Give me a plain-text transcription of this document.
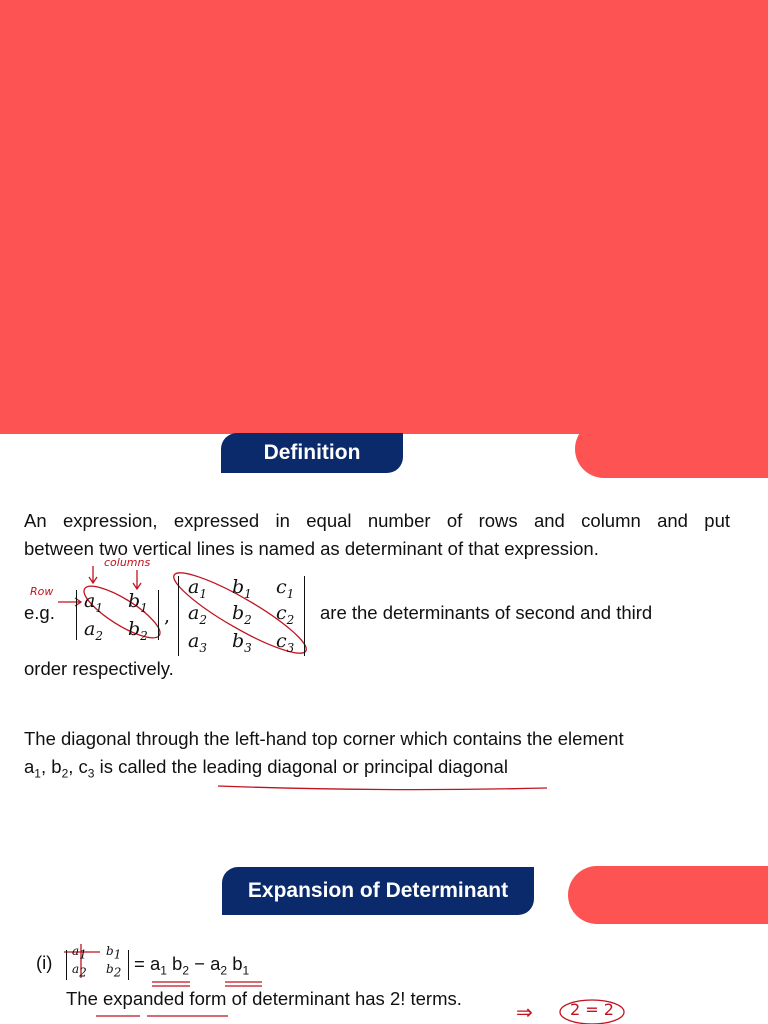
Definition
An expression, expressed in equal number of rows and column and put
between two vertical lines is named as determinant of that expression.
columns
Row
e.g.
$a_1$ $b_1$
$a_2$ $b_2$
,
$a_1$ $b_1$ $c_1$
$a_2$ $b_2$ $c_2$
$a_3$ $b_3$ $c_3$
are the determinants of second and third
order respectively.
The diagonal through the left-hand top corner which contains the element
$a_1$, $b_2$, $c_3$ is called the leading diagonal or principal diagonal
Expansion of Determinant
(i)
$a_1$ $b_1$
$a_2$ $b_2 = a_1$ $b_2 - a_2$ $b_1$
The expanded form of determinant has 2! terms.
⇒ 2 = 2
